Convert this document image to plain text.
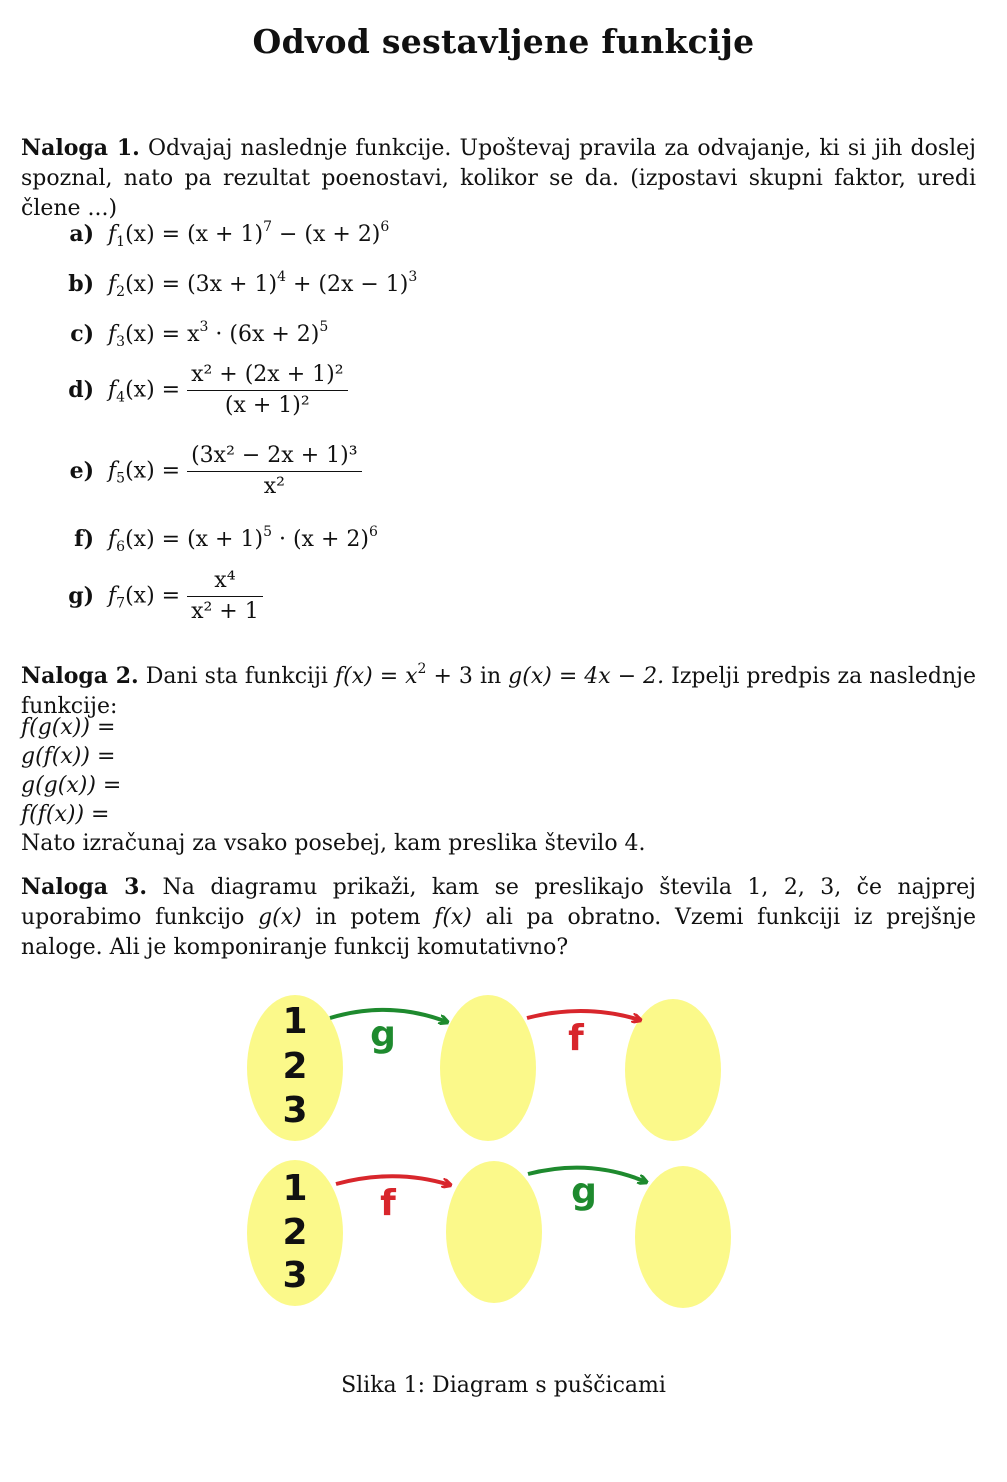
Odvod sestavljene funkcije
Naloga 1. Odvajaj naslednje funkcije. Upoštevaj pravila za odvajanje, ki si jih doslej spoznal, nato pa rezultat poenostavi, kolikor se da. (izpostavi skupni faktor, uredi člene ...)
a) $f_1(x) = (x + 1)^7 - (x + 2)^6$
b) $f_2(x) = (3x + 1)^4 + (2x - 1)^3$
c) $f_3(x) = x^3 \cdot (6x + 2)^5$
d) $f_4(x) = \frac{\text{x² + (2x + 1)²}}{\text{(x + 1)²}}$
e) $f_5(x) = \frac{\text{(3x² − 2x + 1)³}}{\text{x²}}$
f) $f_6(x) = (x + 1)^5 \cdot (x + 2)^6$
g) $f_7(x) = \frac{\text{x⁴}}{\text{x² + 1}}$
Naloga 2. Dani sta funkciji $f(x) = x^2 + 3$ in g(x) = 4x − 2. Izpelji predpis za naslednje funkcije:
f(g(x)) =
g(f(x)) =
g(g(x)) =
f(f(x)) =
Nato izračunaj za vsako posebej, kam preslika število 4.
Naloga 3. Na diagramu prikaži, kam se preslikajo števila 1, 2, 3, če najprej uporabimo funkcijo g(x) in potem f(x) ali pa obratno. Vzemi funkciji iz prejšnje naloge. Ali je komponiranje funkcij komutativno?
1
2
3
g	f
1
2
3
f	g
Slika 1: Diagram s puščicami
